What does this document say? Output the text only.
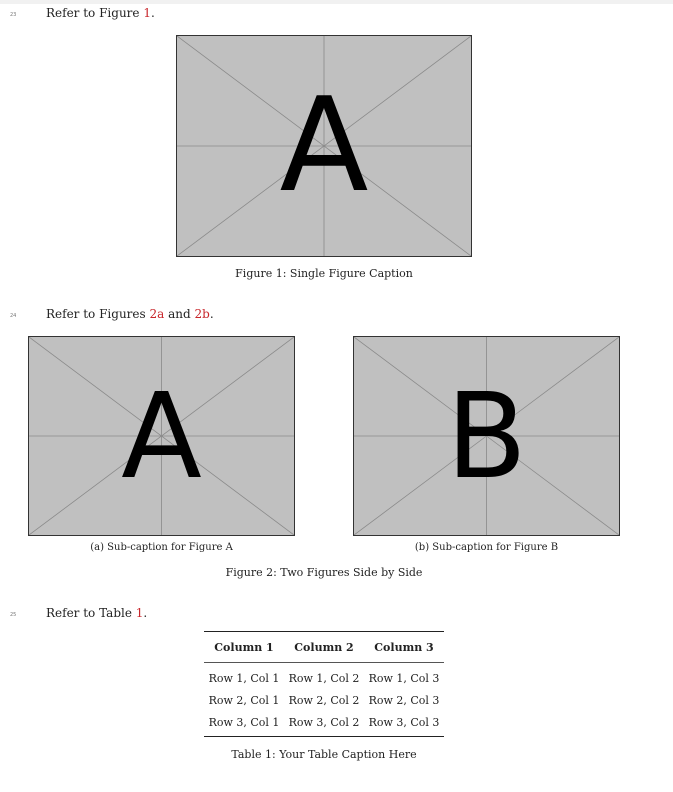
23 Refer to Figure 1.
A
Figure 1: Single Figure Caption
24 Refer to Figures 2a and 2b.
A
(a) Sub-caption for Figure A
B
(b) Sub-caption for Figure B
Figure 2: Two Figures Side by Side
25 Refer to Table 1.
Column 1	Column 2	Column 3
Row 1, Col 1	Row 1, Col 2	Row 1, Col 3
Row 2, Col 1	Row 2, Col 2	Row 2, Col 3
Row 3, Col 1	Row 3, Col 2	Row 3, Col 3
Table 1: Your Table Caption Here
